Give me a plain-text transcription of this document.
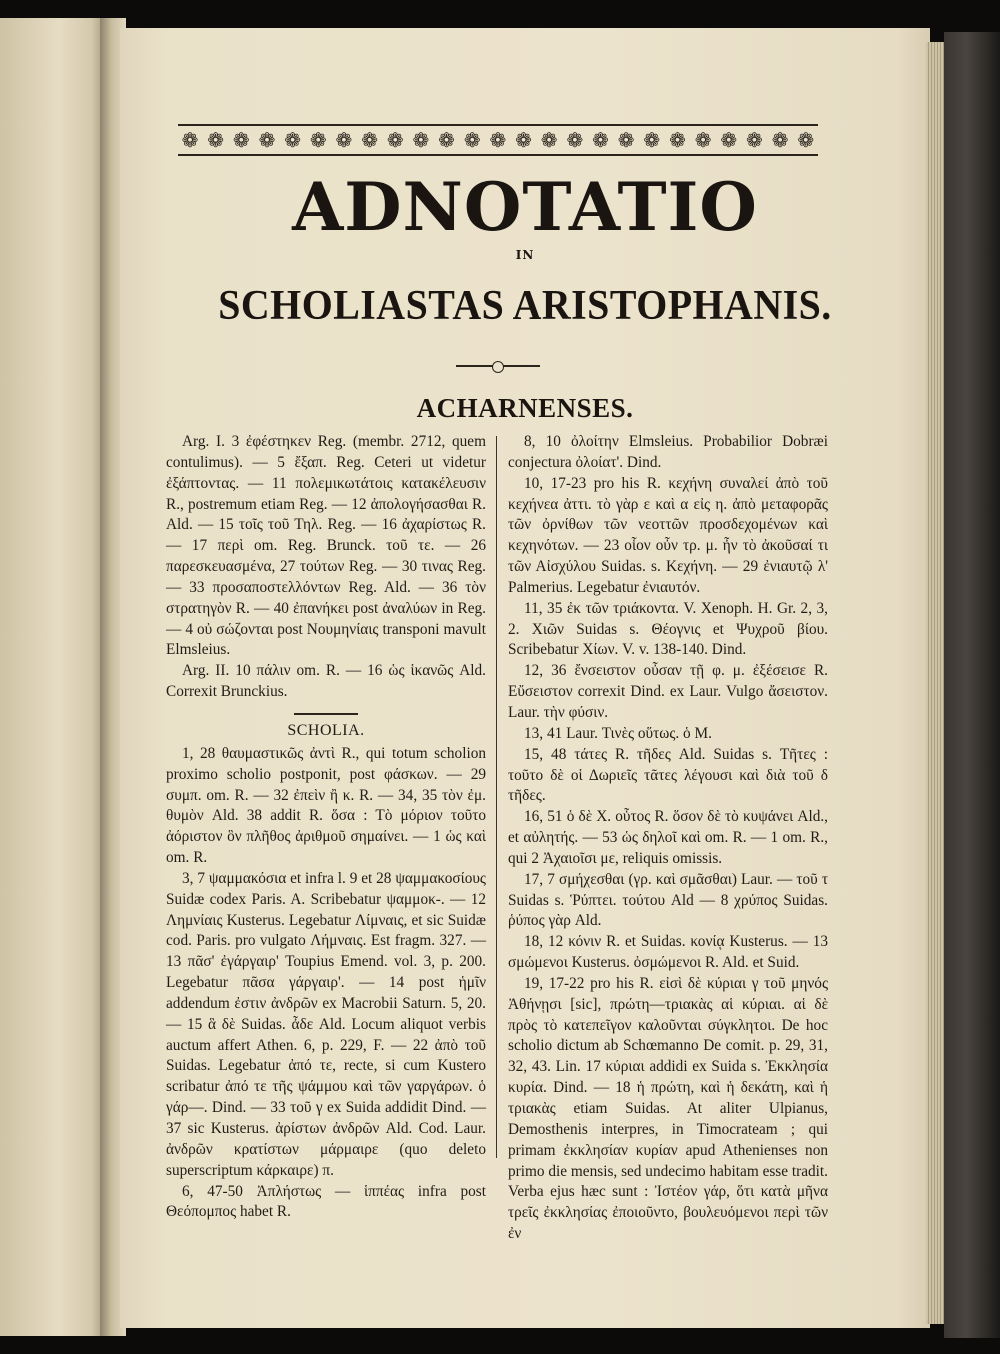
❁ ❁ ❁ ❁ ❁ ❁ ❁ ❁ ❁ ❁ ❁ ❁ ❁ ❁ ❁ ❁ ❁ ❁ ❁ ❁ ❁ ❁ ❁ ❁ ❁
ADNOTATIO
IN
SCHOLIASTAS ARISTOPHANIS.
ACHARNENSES.

Arg. I. 3 ἐφέστηκεν Reg. (membr. 2712, quem contulimus). — 5 ἔξαπ. Reg. Ceteri ut videtur ἐξάπτοντας. — 11 πολεμικωτάτοις κατακέλευσιν R., postremum etiam Reg. — 12 ἀπολογήσασθαι R. Ald. — 15 τοῖς τοῦ Τηλ. Reg. — 16 ἀχαρίστως R. — 17 περὶ om. Reg. Brunck. τοῦ τε. — 26 παρεσκευασμένα, 27 τούτων Reg. — 30 τινας Reg. — 33 προσαποστελλόντων Reg. Ald. — 36 τὸν στρατηγὸν R. — 40 ἐπανήκει post ἀναλύων in Reg. — 4 οὐ σώζονται post Νουμηνίαις transponi mavult Elmsleius.

Arg. II. 10 πάλιν om. R. — 16 ὡς ἱκανῶς Ald. Correxit Brunckius.

SCHOLIA.

1, 28 θαυμαστικῶς ἀντὶ R., qui totum scholion proximo scholio postponit, post φάσκων. — 29 συμπ. om. R. — 32 ἐπεὶν ἢ κ. R. — 34, 35 τὸν ἐμ. θυμὸν Ald. 38 addit R. ὅσα : Τὸ μόριον τοῦτο ἀόριστον ὃν πλῆθος ἀριθμοῦ σημαίνει. — 1 ὡς καὶ om. R.

3, 7 ψαμμακόσια et infra l. 9 et 28 ψαμμακοσίους Suidæ codex Paris. A. Scribebatur ψαμμοκ-. — 12 Λημνίαις Kusterus. Legebatur Λίμναις, et sic Suidæ cod. Paris. pro vulgato Λήμναις. Est fragm. 327. — 13 πᾶσ' ἐγάργαιρ' Toupius Emend. vol. 3, p. 200. Legebatur πᾶσα γάργαιρ'. — 14 post ἡμῖν addendum ἐστιν ἀνδρῶν ex Macrobii Saturn. 5, 20. — 15 ἃ δὲ Suidas. ἆδε Ald. Locum aliquot verbis auctum affert Athen. 6, p. 229, F. — 22 ἀπὸ τοῦ Suidas. Legebatur ἀπό τε, recte, si cum Kustero scribatur ἀπό τε τῆς ψάμμου καὶ τῶν γαργάρων. ὁ γάρ—. Dind. — 33 τοῦ γ ex Suida addidit Dind. — 37 sic Kusterus. ἀρίστων ἀνδρῶν Ald. Cod. Laur. ἀνδρῶν κρατίστων μάρμαιρε (quo deleto superscriptum κάρκαιρε) π.

6, 47-50 Ἀπλήστως — ἱππέας infra post Θεόπομπος habet R.

8, 10 ὀλοίτην Elmsleius. Probabilior Dobræi conjectura ὀλοίατ'. Dind.

10, 17-23 pro his R. κεχήνη συναλεί ἀπὸ τοῦ κεχήνεα ἀττι. τὸ γὰρ ε καὶ α εἰς η. ἀπὸ μεταφορᾶς τῶν ὀρνίθων τῶν νεοττῶν προσδεχομένων καὶ κεχηνότων. — 23 οἷον οὖν τρ. μ. ἦν τὸ ἀκοῦσαί τι τῶν Αἰσχύλου Suidas. s. Κεχήνη. — 29 ἐνιαυτῷ λ' Palmerius. Legebatur ἐνιαυτόν.

11, 35 ἐκ τῶν τριάκοντα. V. Xenoph. H. Gr. 2, 3, 2. Χιῶν Suidas s. Θέογνις et Ψυχροῦ βίου. Scribebatur Χίων. V. v. 138-140. Dind.

12, 36 ἔνσειστον οὖσαν τῇ φ. μ. ἐξέσεισε R. Εὔσειστον correxit Dind. ex Laur. Vulgo ἄσειστον. Laur. τὴν φύσιν.

13, 41 Laur. Τινὲς οὕτως. ὁ M.

15, 48 τάτες R. τῆδες Ald. Suidas s. Τῆτες : τοῦτο δὲ οἱ Δωριεῖς τᾶτες λέγουσι καὶ διὰ τοῦ δ τῆδες.

16, 51 ὁ δὲ X. οὗτος R. ὅσον δὲ τὸ κυψάνει Ald., et αὐλητής. — 53 ὡς δηλοῖ καὶ om. R. — 1 om. R., qui 2 Ἀχαιοῖσι με, reliquis omissis.

17, 7 σμήχεσθαι (γρ. καὶ σμᾶσθαι) Laur. — τοῦ τ Suidas s. Ῥύπτει. τούτου Ald — 8 χρύπος Suidas. ῥύπος γὰρ Ald.

18, 12 κόνιν R. et Suidas. κονίᾳ Kusterus. — 13 σμώμενοι Kusterus. ὀσμώμενοι R. Ald. et Suid.

19, 17-22 pro his R. εἰσὶ δὲ κύριαι γ τοῦ μηνός Ἀθήνῃσι [sic], πρώτη—τριακὰς αἱ κύριαι. αἱ δὲ πρὸς τὸ κατεπεῖγον καλοῦνται σύγκλητοι. De hoc scholio dictum ab Schœmanno De comit. p. 29, 31, 32, 43. Lin. 17 κύριαι addidi ex Suida s. Ἐκκλησία κυρία. Dind. — 18 ἡ πρώτη, καὶ ἡ δεκάτη, καὶ ἡ τριακὰς etiam Suidas. At aliter Ulpianus, Demosthenis interpres, in Timocrateam ; qui primam ἐκκλησίαν κυρίαν apud Athenienses non primo die mensis, sed undecimo habitam esse tradit. Verba ejus hæc sunt : Ἰστέον γάρ, ὅτι κατὰ μῆνα τρεῖς ἐκκλησίας ἐποιοῦντο, βουλευόμενοι περὶ τῶν ἐν
